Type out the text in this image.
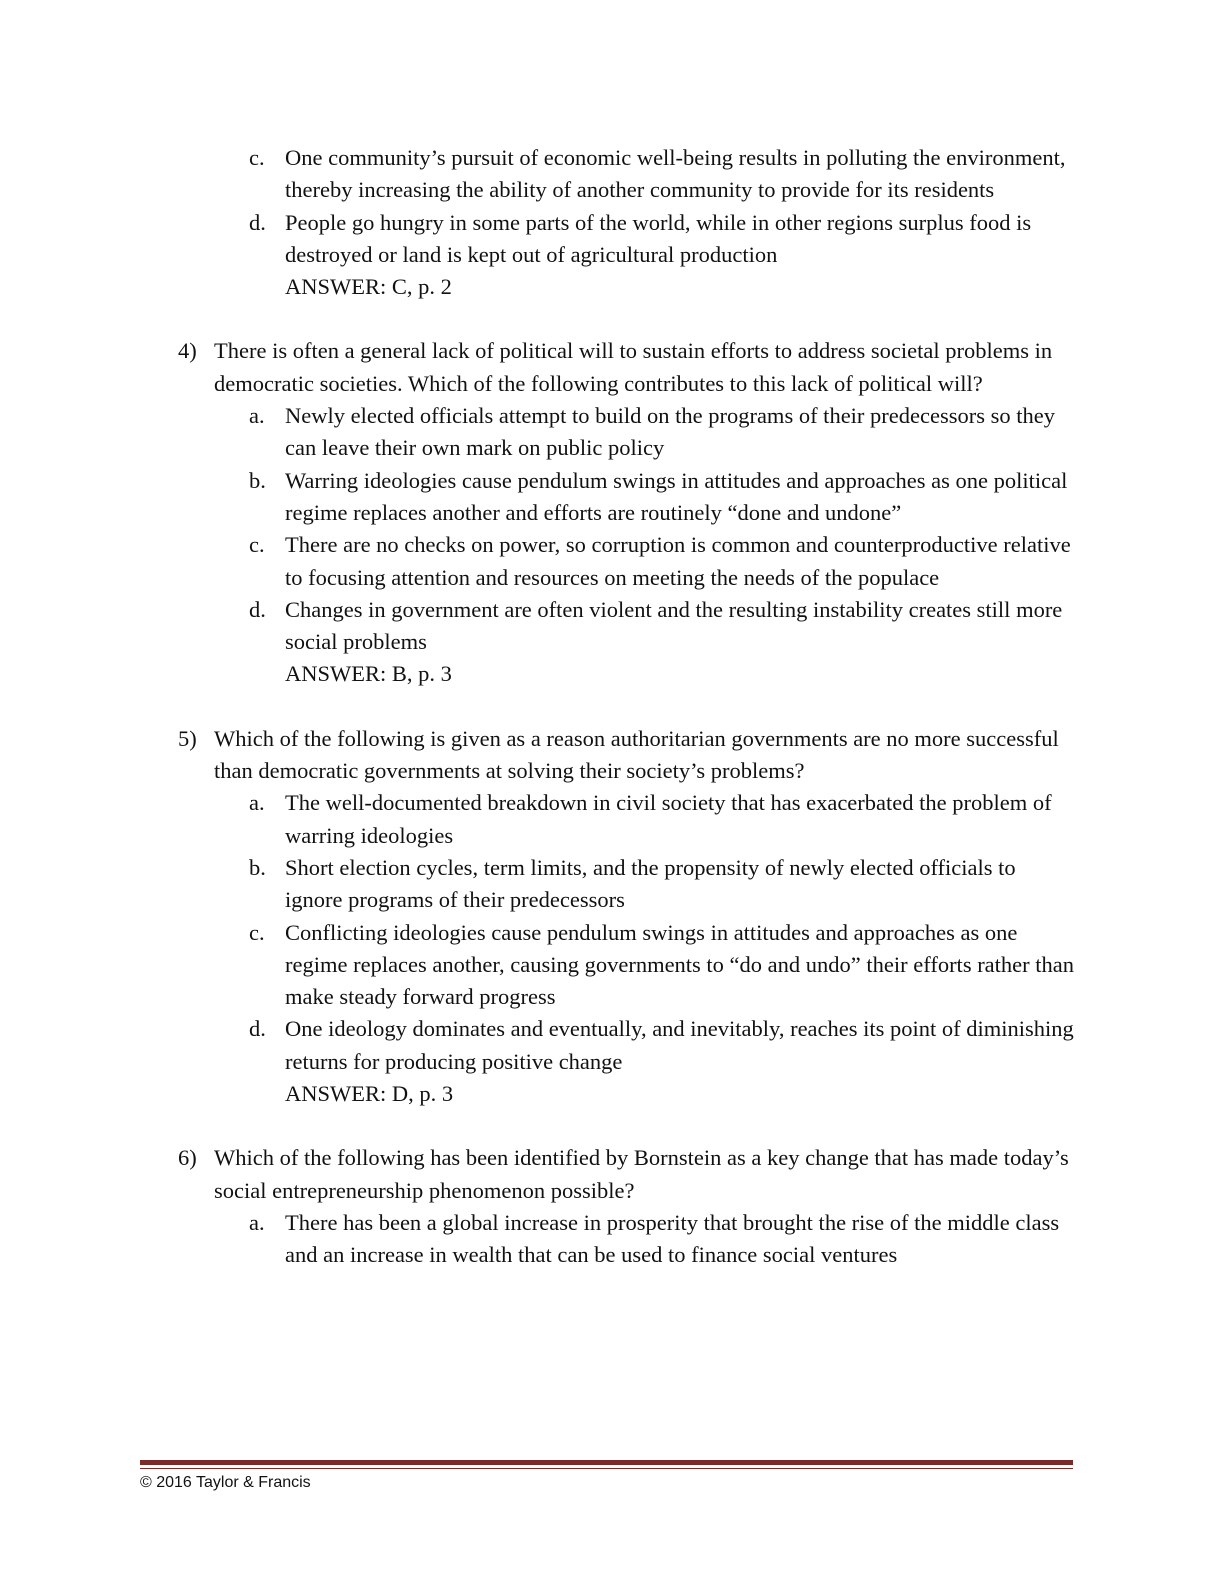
c. One community’s pursuit of economic well-being results in polluting the environment, thereby increasing the ability of another community to provide for its residents
d. People go hungry in some parts of the world, while in other regions surplus food is destroyed or land is kept out of agricultural production
ANSWER: C, p. 2
4) There is often a general lack of political will to sustain efforts to address societal problems in democratic societies. Which of the following contributes to this lack of political will?
a. Newly elected officials attempt to build on the programs of their predecessors so they can leave their own mark on public policy
b. Warring ideologies cause pendulum swings in attitudes and approaches as one political regime replaces another and efforts are routinely “done and undone”
c. There are no checks on power, so corruption is common and counterproductive relative to focusing attention and resources on meeting the needs of the populace
d. Changes in government are often violent and the resulting instability creates still more social problems
ANSWER: B, p. 3
5) Which of the following is given as a reason authoritarian governments are no more successful than democratic governments at solving their society’s problems?
a. The well-documented breakdown in civil society that has exacerbated the problem of warring ideologies
b. Short election cycles, term limits, and the propensity of newly elected officials to ignore programs of their predecessors
c. Conflicting ideologies cause pendulum swings in attitudes and approaches as one regime replaces another, causing governments to “do and undo” their efforts rather than make steady forward progress
d. One ideology dominates and eventually, and inevitably, reaches its point of diminishing returns for producing positive change
ANSWER: D, p. 3
6) Which of the following has been identified by Bornstein as a key change that has made today’s social entrepreneurship phenomenon possible?
a. There has been a global increase in prosperity that brought the rise of the middle class and an increase in wealth that can be used to finance social ventures
© 2016 Taylor & Francis
